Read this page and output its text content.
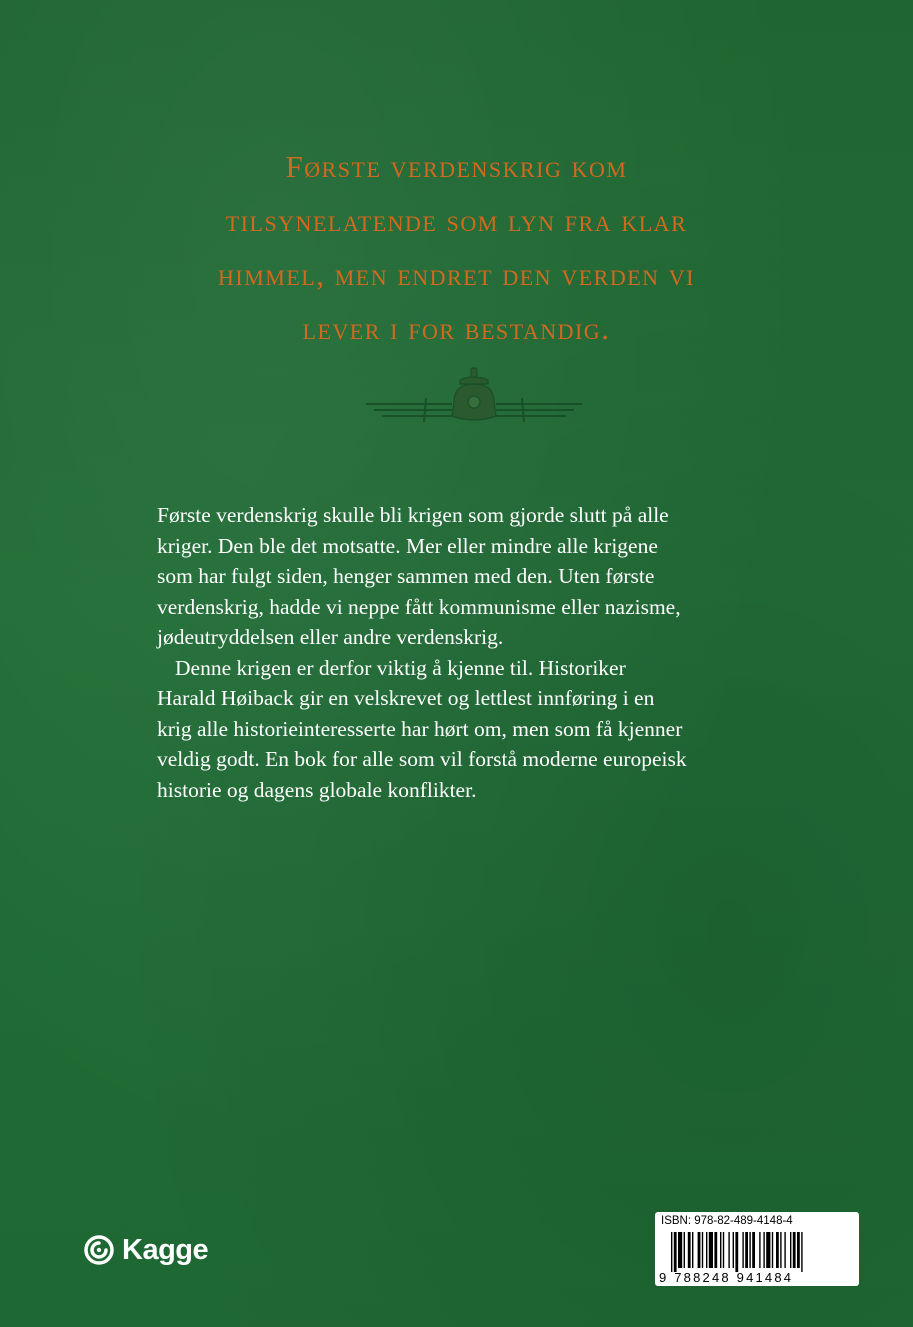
Første verdenskrig kom
tilsynelatende som lyn fra klar
himmel, men endret den verden vi
lever i for bestandig.
Første verdenskrig skulle bli krigen som gjorde slutt på alle
kriger. Den ble det motsatte. Mer eller mindre alle krigene
som har fulgt siden, henger sammen med den. Uten første
verdenskrig, hadde vi neppe fått kommunisme eller nazisme,
jødeutryddelsen eller andre verdenskrig.
Denne krigen er derfor viktig å kjenne til. Historiker
Harald Høiback gir en velskrevet og lettlest innføring i en
krig alle historieinteresserte har hørt om, men som få kjenner
veldig godt. En bok for alle som vil forstå moderne europeisk
historie og dagens globale konflikter.
Kagge
ISBN: 978-82-489-4148-4
9 788248 941484
